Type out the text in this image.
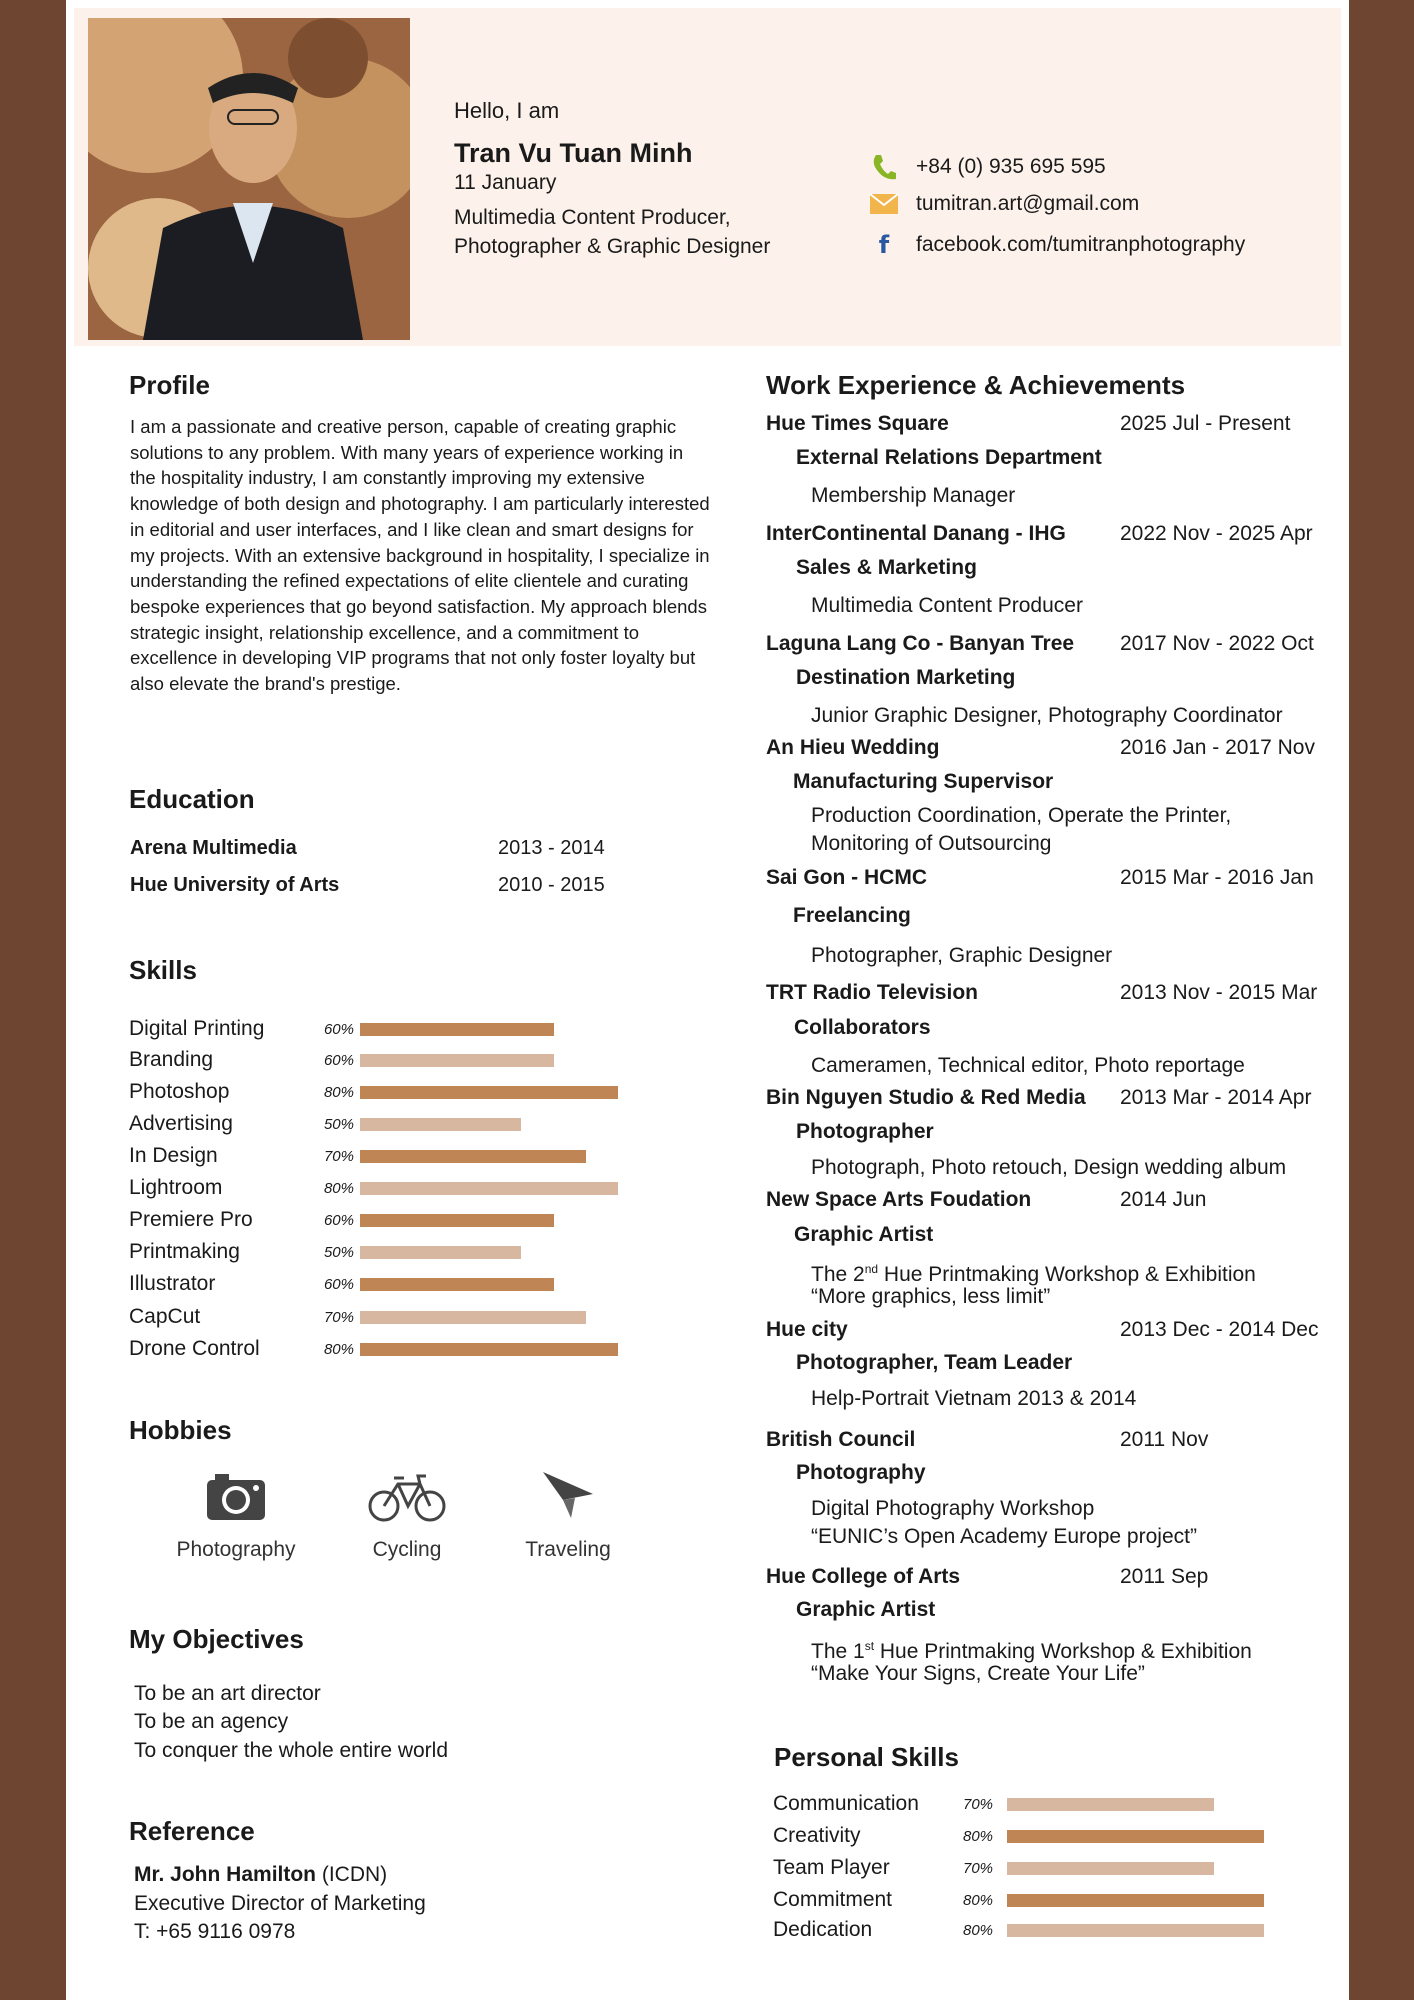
Hello, I am
Tran Vu Tuan Minh
11 January
Multimedia Content Producer,
Photographer & Graphic Designer
+84 (0) 935 695 595
tumitran.art@gmail.com
f facebook.com/tumitranphotography
Profile
I am a passionate and creative person, capable of creating graphic solutions to any problem. With many years of experience working in the hospitality industry, I am constantly improving my extensive knowledge of both design and photography. I am particularly interested in editorial and user interfaces, and I like clean and smart designs for my projects. With an extensive background in hospitality, I specialize in understanding the refined expectations of elite clientele and curating bespoke experiences that go beyond satisfaction. My approach blends strategic insight, relationship excellence, and a commitment to excellence in developing VIP programs that not only foster loyalty but also elevate the brand's prestige.
Education
Arena Multimedia	2013 - 2014
Hue University of Arts	2010 - 2015
Skills
Digital Printing	60%
Branding	60%
Photoshop	80%
Advertising	50%
In Design	70%
Lightroom	80%
Premiere Pro	60%
Printmaking	50%
Illustrator	60%
CapCut	70%
Drone Control	80%
Hobbies
Photography	Cycling	Traveling
My Objectives
To be an art director
To be an agency
To conquer the whole entire world
Reference
Mr. John Hamilton (ICDN)
Executive Director of Marketing
T: +65 9116 0978
Work Experience & Achievements
Hue Times Square	2025 Jul - Present
External Relations Department
Membership Manager
InterContinental Danang - IHG	2022 Nov - 2025 Apr
Sales & Marketing
Multimedia Content Producer
Laguna Lang Co - Banyan Tree 2017 Nov - 2022 Oct
Destination Marketing
Junior Graphic Designer, Photography Coordinator
An Hieu Wedding	2016 Jan - 2017 Nov
Manufacturing Supervisor
Production Coordination, Operate the Printer,
Monitoring of Outsourcing
Sai Gon - HCMC	2015 Mar - 2016 Jan
Freelancing
Photographer, Graphic Designer
TRT Radio Television	2013 Nov - 2015 Mar
Collaborators
Cameramen, Technical editor, Photo reportage
Bin Nguyen Studio & Red Media 2013 Mar - 2014 Apr
Photographer
Photograph, Photo retouch, Design wedding album
New Space Arts Foudation	2014 Jun
Graphic Artist
The 2nd Hue Printmaking Workshop & Exhibition
“More graphics, less limit”
Hue city	2013 Dec - 2014 Dec
Photographer, Team Leader
Help-Portrait Vietnam 2013 & 2014
British Council	2011 Nov
Photography
Digital Photography Workshop
“EUNIC’s Open Academy Europe project”
Hue College of Arts	2011 Sep
Graphic Artist
The 1st Hue Printmaking Workshop & Exhibition
“Make Your Signs, Create Your Life”
Personal Skills
Communication	70%
Creativity	80%
Team Player	70%
Commitment	80%
Dedication	80%
